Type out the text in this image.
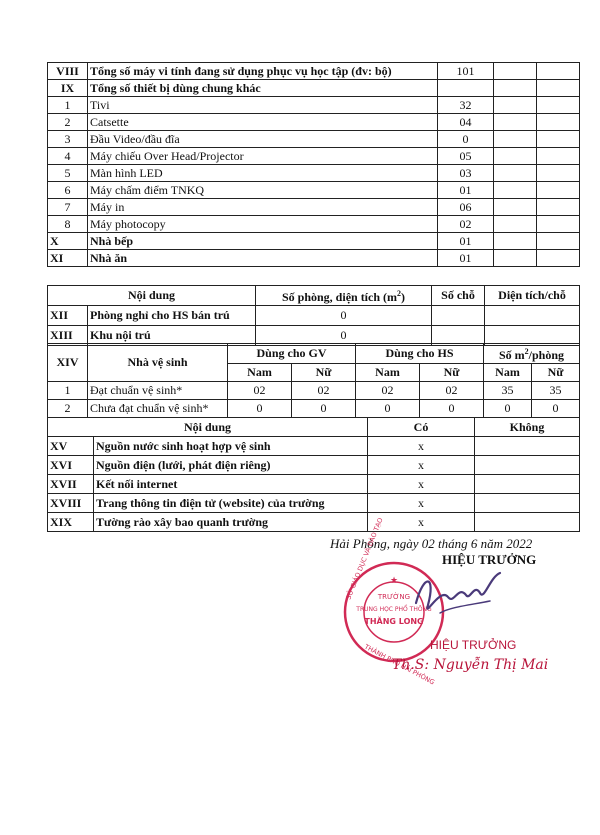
VIII	Tổng số máy vi tính đang sử dụng phục vụ học tập (đv: bộ)	101		
IX	Tổng số thiết bị dùng chung khác			
1	Tivi	32		
2	Catsette	04		
3	Đầu Video/đầu đĩa	0		
4	Máy chiếu Over Head/Projector	05		
5	Màn hình LED	03		
6	Máy chấm điểm TNKQ	01		
7	Máy in	06		
8	Máy photocopy	02		
X	Nhà bếp	01		
XI	Nhà ăn	01		
Nội dung		Số phòng, diện tích $(m^2)$	Số chỗ	Diện tích/chỗ
XII	Phòng nghỉ cho HS bán trú	0		
XIII	Khu nội trú	0		
XIV	Nhà vệ sinh	Dùng cho GV		Dùng cho HS		Số $m^2$/phòng	
		Nam	Nữ	Nam	Nữ	Nam	Nữ
1	Đạt chuẩn vệ sinh*	02	02	02	02	35	35
2	Chưa đạt chuẩn vệ sinh*	0	0	0	0	0	0
Nội dung		Có	Không
XV	Nguồn nước sinh hoạt hợp vệ sinh	x	
XVI	Nguồn điện (lưới, phát điện riêng)	x	
XVII	Kết nối internet	x	
XVIII	Trang thông tin điện tử (website) của trường	x	
XIX	Tường rào xây bao quanh trường	x	
Hải Phòng, ngày 02 tháng 6 năm 2022
TRƯỜNG
TRUNG HỌC PHỔ THÔNG
THĂNG LONG
SỞ GIÁO DỤC VÀ ĐÀO TẠO
THÀNH PHỐ HẢI PHÒNG
★
HIỆU TRƯỞNG
HIỆU TRƯỞNG
Th.S: Nguyễn Thị Mai
